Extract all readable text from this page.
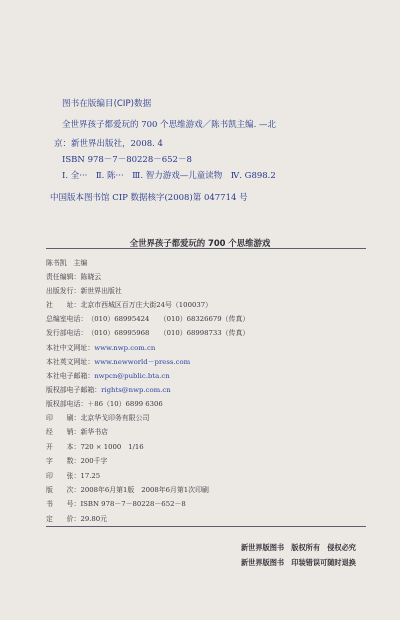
图书在版编目(CIP)数据
全世界孩子都爱玩的 700 个思维游戏／陈书凯主编. —北
京：新世界出版社，2008. 4
ISBN 978－7－80228－652－8
Ⅰ. 全···　Ⅱ. 陈···　Ⅲ. 智力游戏—儿童读物　Ⅳ. G898.2
中国版本图书馆 CIP 数据核字(2008)第 047714 号
全世界孩子都爱玩的 700 个思维游戏
陈书凯　主编
责任编辑：陈晓云
出版发行：新世界出版社
社　　址：北京市西城区百万庄大街24号（100037）
总编室电话：（010）68995424　　（010）68326679（传真）
发行部电话：（010）68995968　　（010）68998733（传真）
本社中文网址：www.nwp.com.cn
本社英文网址：www.newworld－press.com
本社电子邮箱：nwpcn@public.bta.cn
版权部电子邮箱：rights@nwp.com.cn
版权部电话：＋86（10）6899 6306
印　　刷：北京华戈印务有限公司
经　　销：新华书店
开　　本：720 × 1000　1/16
字　　数：200千字
印　　张：17.25
版　　次：2008年6月第1版　2008年6月第1次印刷
书　　号：ISBN 978－7－80228－652－8
定　　价：29.80元
新世界版图书　版权所有　侵权必究
新世界版图书　印装错误可随时退换
